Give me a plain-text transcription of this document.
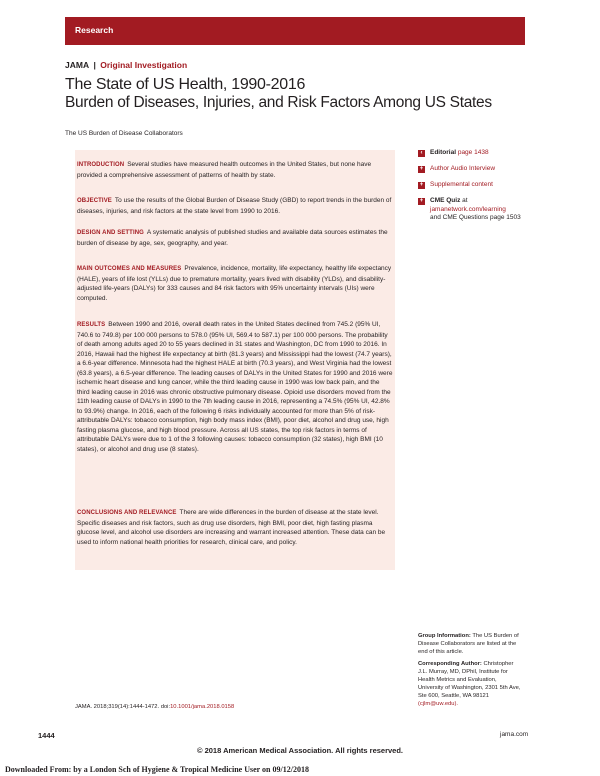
Research
JAMA | Original Investigation
The State of US Health, 1990-2016
Burden of Diseases, Injuries, and Risk Factors Among US States
The US Burden of Disease Collaborators

INTRODUCTION Several studies have measured health outcomes in the United States, but none have provided a comprehensive assessment of patterns of health by state.

OBJECTIVE To use the results of the Global Burden of Disease Study (GBD) to report trends in the burden of diseases, injuries, and risk factors at the state level from 1990 to 2016.

DESIGN AND SETTING A systematic analysis of published studies and available data sources estimates the burden of disease by age, sex, geography, and year.

MAIN OUTCOMES AND MEASURES Prevalence, incidence, mortality, life expectancy, healthy life expectancy (HALE), years of life lost (YLLs) due to premature mortality, years lived with disability (YLDs), and disability-adjusted life-years (DALYs) for 333 causes and 84 risk factors with 95% uncertainty intervals (UIs) were computed.

RESULTS Between 1990 and 2016, overall death rates in the United States declined from 745.2 (95% UI, 740.6 to 749.8) per 100 000 persons to 578.0 (95% UI, 569.4 to 587.1) per 100 000 persons. The probability of death among adults aged 20 to 55 years declined in 31 states and Washington, DC from 1990 to 2016. In 2016, Hawaii had the highest life expectancy at birth (81.3 years) and Mississippi had the lowest (74.7 years), a 6.6-year difference. Minnesota had the highest HALE at birth (70.3 years), and West Virginia had the lowest (63.8 years), a 6.5-year difference. The leading causes of DALYs in the United States for 1990 and 2016 were ischemic heart disease and lung cancer, while the third leading cause in 1990 was low back pain, and the third leading cause in 2016 was chronic obstructive pulmonary disease. Opioid use disorders moved from the 11th leading cause of DALYs in 1990 to the 7th leading cause in 2016, representing a 74.5% (95% UI, 42.8% to 93.9%) change. In 2016, each of the following 6 risks individually accounted for more than 5% of risk-attributable DALYs: tobacco consumption, high body mass index (BMI), poor diet, alcohol and drug use, high fasting plasma glucose, and high blood pressure. Across all US states, the top risk factors in terms of attributable DALYs were due to 1 of the 3 following causes: tobacco consumption (32 states), high BMI (10 states), or alcohol and drug use (8 states).

CONCLUSIONS AND RELEVANCE There are wide differences in the burden of disease at the state level. Specific diseases and risk factors, such as drug use disorders, high BMI, poor diet, high fasting plasma glucose level, and alcohol use disorders are increasing and warrant increased attention. These data can be used to inform national health priorities for research, clinical care, and policy.

‹	Editorial page 1438
+ Author Audio Interview
+ Supplemental content
+ CME Quiz at
jamanetwork.com/learning
and CME Questions page 1503

Group Information: The US Burden of Disease Collaborators are listed at the end of this article.

Corresponding Author: Christopher J.L. Murray, MD, DPhil, Institute for Health Metrics and Evaluation, University of Washington, 2301 5th Ave, Ste 600, Seattle, WA 98121 (cjlm@uw.edu).

JAMA. 2018;319(14):1444-1472. doi:10.1001/jama.2018.0158
1444	jama.com
© 2018 American Medical Association. All rights reserved.
Downloaded From: by a London Sch of Hygiene & Tropical Medicine User on 09/12/2018
